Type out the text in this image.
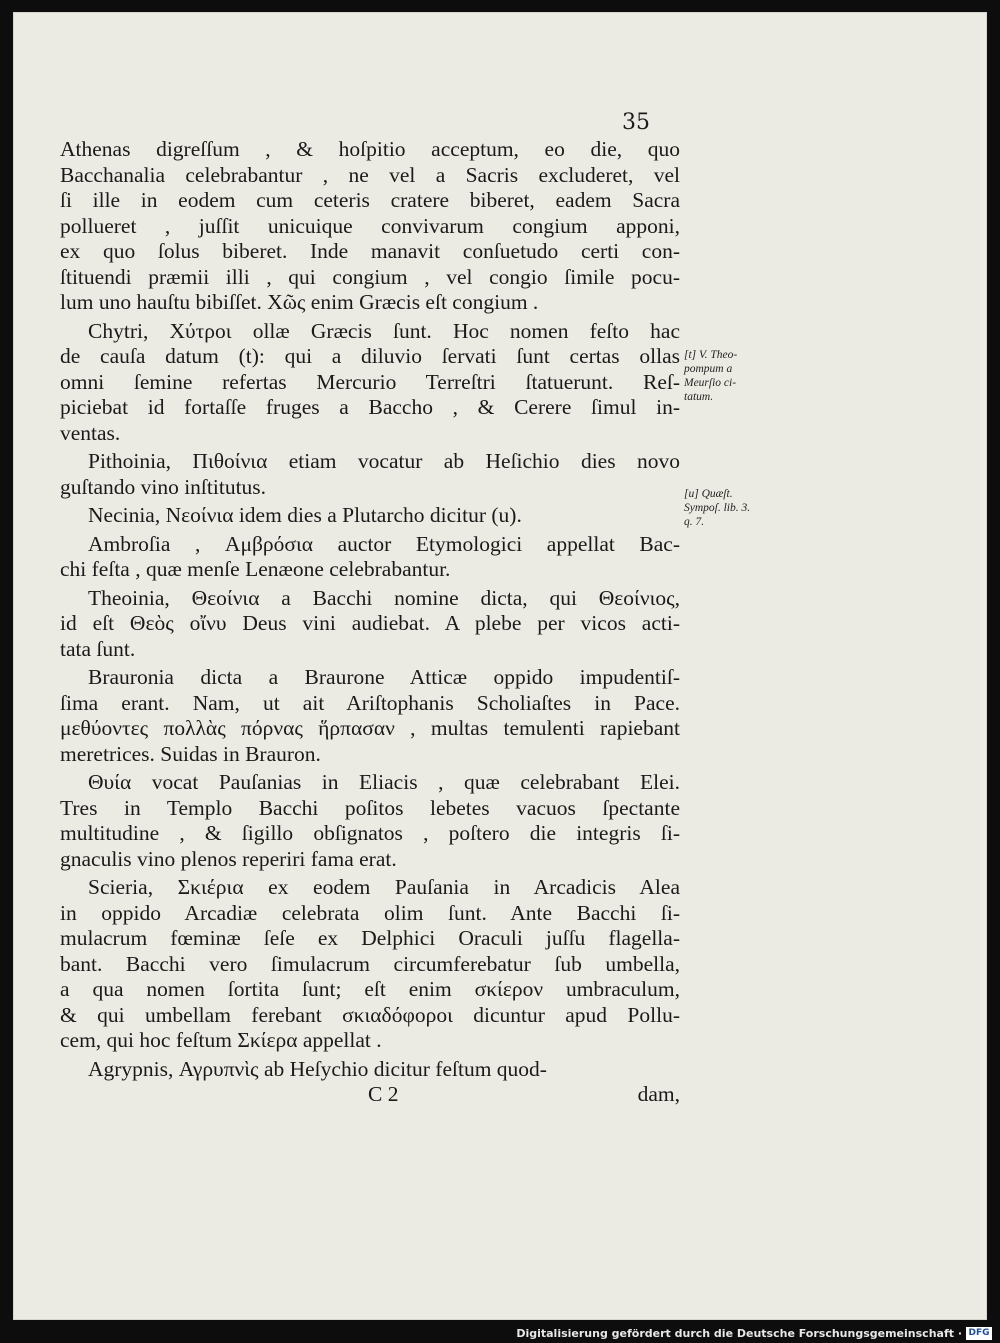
35
Athenas digreſſum , & hoſpitio acceptum, eo die, quo
Bacchanalia celebrabantur , ne vel a Sacris excluderet, vel
ſi ille in eodem cum ceteris cratere biberet, eadem Sacra
pollueret , juſſit unicuique convivarum congium apponi,
ex quo ſolus biberet. Inde manavit conſuetudo certi con-
ſtituendi præmii illi , qui congium , vel congio ſimile pocu-
lum uno hauſtu bibiſſet. Χῶς enim Græcis eſt congium .
Chytri, Χύτροι ollæ Græcis ſunt. Hoc nomen feſto hac
de cauſa datum (t): qui a diluvio ſervati ſunt certas ollas
omni ſemine refertas Mercurio Terreſtri ſtatuerunt. Reſ-
piciebat id fortaſſe fruges a Baccho , & Cerere ſimul in-
ventas.
Pithoinia, Πιθοίνια etiam vocatur ab Heſichio dies novo
guſtando vino inſtitutus.
Necinia, Νεοίνια idem dies a Plutarcho dicitur (u).
Ambroſia , Αμβρόσια auctor Etymologici appellat Bac-
chi feſta , quæ menſe Lenæone celebrabantur.
Theoinia, Θεοίνια a Bacchi nomine dicta, qui Θεοίνιος,
id eſt Θεὸς οἴνυ Deus vini audiebat. A plebe per vicos acti-
tata ſunt.
Brauronia dicta a Braurone Atticæ oppido impudentiſ-
ſima erant. Nam, ut ait Ariſtophanis Scholiaſtes in Pace.
μεθύοντες πολλὰς πόρνας ἥρπασαν , multas temulenti rapiebant
meretrices. Suidas in Brauron.
Θυία vocat Pauſanias in Eliacis , quæ celebrabant Elei.
Tres in Templo Bacchi poſitos lebetes vacuos ſpectante
multitudine , & ſigillo obſignatos , poſtero die integris ſi-
gnaculis vino plenos reperiri fama erat.
Scieria, Σκιέρια ex eodem Pauſania in Arcadicis Alea
in oppido Arcadiæ celebrata olim ſunt. Ante Bacchi ſi-
mulacrum fœminæ ſeſe ex Delphici Oraculi juſſu flagella-
bant. Bacchi vero ſimulacrum circumferebatur ſub umbella,
a qua nomen ſortita ſunt; eſt enim σκίερον umbraculum,
& qui umbellam ferebant σκιαδόφοροι dicuntur apud Pollu-
cem, qui hoc feſtum Σκίερα appellat .
Agrypnis, Αγρυπνὶς ab Heſychio dicitur feſtum quod-
[t] V. Theo-
pompum a
Meurſio ci-
tatum.
[u] Quæſt.
Sympoſ. lib. 3.
q. 7.
C 2	dam,
Digitalisierung gefördert durch die Deutsche Forschungsgemeinschaft · DFG
